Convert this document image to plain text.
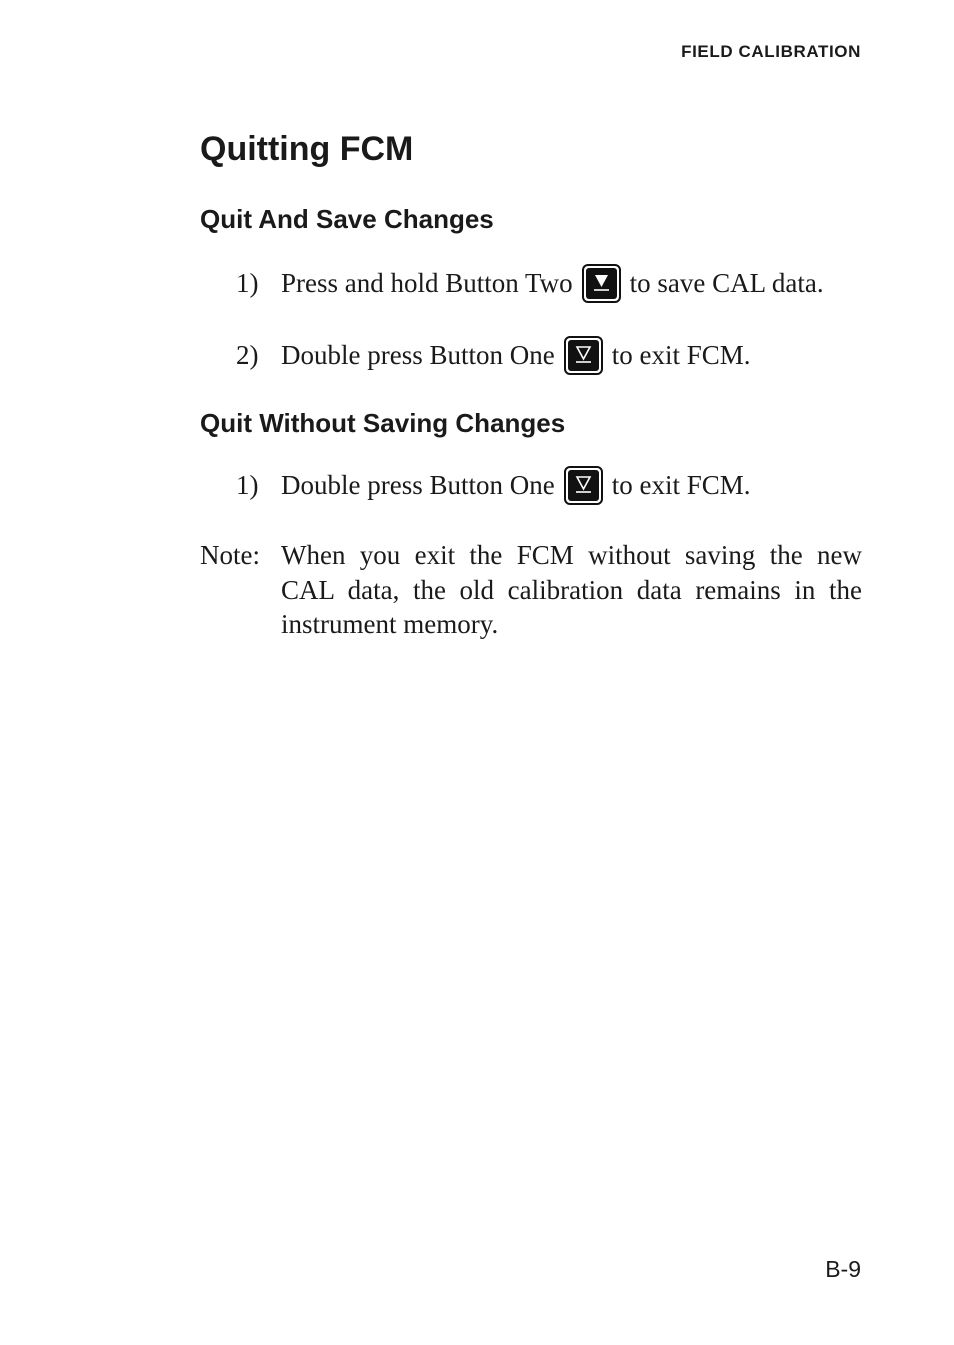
FIELD CALIBRATION
Quitting FCM
Quit And Save Changes
1) Press and hold Button Two to save CAL data.
2) Double press Button One to exit FCM.
Quit Without Saving Changes
1) Double press Button One to exit FCM.
Note: When you exit the FCM without saving the new CAL data, the old calibration data remains in the instrument memory.
B-9
